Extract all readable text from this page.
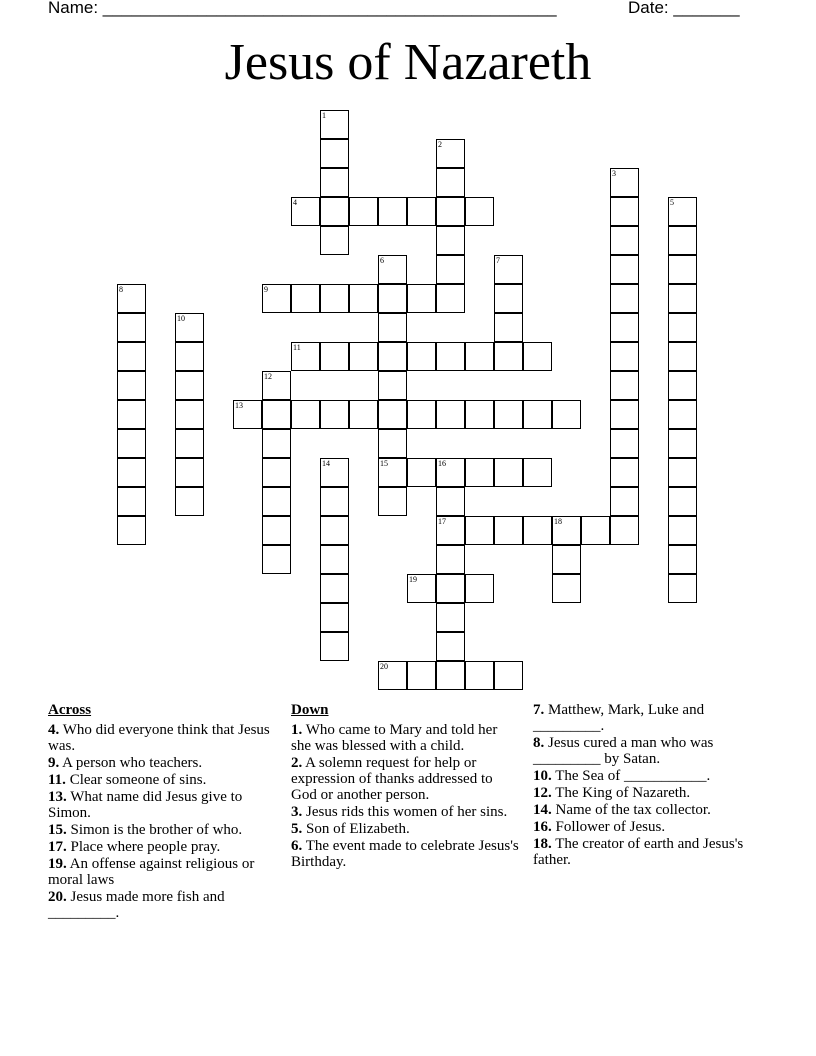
Name: ________________________________________________	Date: _______
Jesus of Nazareth
1
2
3
4	5
6
15
7
8	9
10
11
12
13
14	16
17	18
19
20
Across
4. Who did everyone think that Jesus was.
9. A person who teachers.
11. Clear someone of sins.
13. What name did Jesus give to Simon.
15. Simon is the brother of who.
17. Place where people pray.
19. An offense against religious or moral laws
20. Jesus made more fish and _________.
Down
1. Who came to Mary and told her she was blessed with a child.
2. A solemn request for help or expression of thanks addressed to God or another person.
3. Jesus rids this women of her sins.
5. Son of Elizabeth.
6. The event made to celebrate Jesus's Birthday.
7. Matthew, Mark, Luke and _________.
8. Jesus cured a man who was _________ by Satan.
10. The Sea of ___________.
12. The King of Nazareth.
14. Name of the tax collector.
16. Follower of Jesus.
18. The creator of earth and Jesus's father.
